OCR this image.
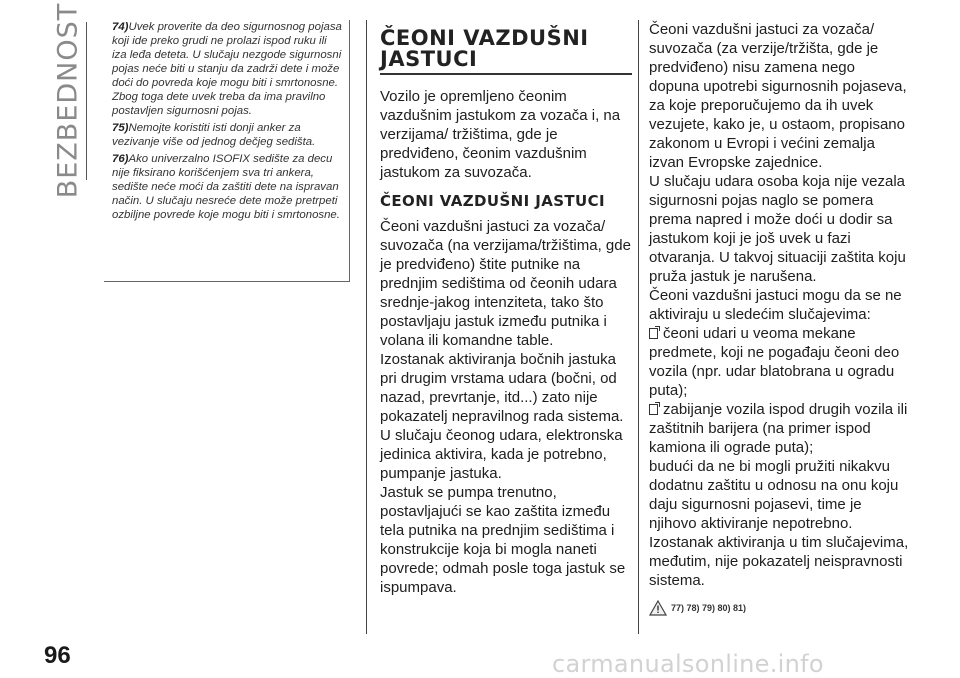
BEZBEDNOST 74)Uvek proverite da deo sigurnosnog pojasa koji ide preko grudi ne prolazi ispod ruku ili iza leđa deteta. U slučaju nezgode sigurnosni pojas neće biti u stanju da zadrži dete i može doći do povreda koje mogu biti i smrtonosne. Zbog toga dete uvek treba da ima pravilno postavljen sigurnosni pojas.

75)Nemojte koristiti isti donji anker za vezivanje više od jednog dečjeg sedišta.

76)Ako univerzalno ISOFIX sedište za decu nije fiksirano korišćenjem sva tri ankera, sedište neće moći da zaštiti dete na ispravan način. U slučaju nesreće dete može pretrpeti ozbiljne povrede koje mogu biti i smrtonosne.

ČEONI VAZDUŠNI JASTUCI

Vozilo je opremljeno čeonim vazdušnim jastukom za vozača i, na verzijama/ tržištima, gde je predviđeno, čeonim vazdušnim jastukom za suvozača.

ČEONI VAZDUŠNI JASTUCI

Čeoni vazdušni jastuci za vozača/ suvozača (na verzijama/tržištima, gde je predviđeno) štite putnike na prednjim sedištima od čeonih udara srednje-jakog intenziteta, tako što postavljaju jastuk između putnika i volana ili komandne table.

Izostanak aktiviranja bočnih jastuka pri drugim vrstama udara (bočni, od nazad, prevrtanje, itd...) zato nije pokazatelj nepravilnog rada sistema.

U slučaju čeonog udara, elektronska jedinica aktivira, kada je potrebno, pumpanje jastuka.

Jastuk se pumpa trenutno, postavljajući se kao zaštita između tela putnika na prednjim sedištima i konstrukcije koja bi mogla naneti povrede; odmah posle toga jastuk se ispumpava.

Čeoni vazdušni jastuci za vozača/ suvozača (za verzije/tržišta, gde je predviđeno) nisu zamena nego dopuna upotrebi sigurnosnih pojaseva, za koje preporučujemo da ih uvek vezujete, kako je, u ostaom, propisano zakonom u Evropi i većini zemalja izvan Evropske zajednice.

U slučaju udara osoba koja nije vezala sigurnosni pojas naglo se pomera prema napred i može doći u dodir sa jastukom koji je još uvek u fazi otvaranja. U takvoj situaciji zaštita koju pruža jastuk je narušena.

Čeoni vazdušni jastuci mogu da se ne aktiviraju u sledećim slučajevima:

čeoni udari u veoma mekane predmete, koji ne pogađaju čeoni deo vozila (npr. udar blatobrana u ogradu puta);

zabijanje vozila ispod drugih vozila ili zaštitnih barijera (na primer ispod kamiona ili ograde puta);

budući da ne bi mogli pružiti nikakvu dodatnu zaštitu u odnosu na onu koju daju sigurnosni pojasevi, time je njihovo aktiviranje nepotrebno. Izostanak aktiviranja u tim slučajevima, međutim, nije pokazatelj neispravnosti sistema.

77) 78) 79) 80) 81)
96	carmanualsonline.info
